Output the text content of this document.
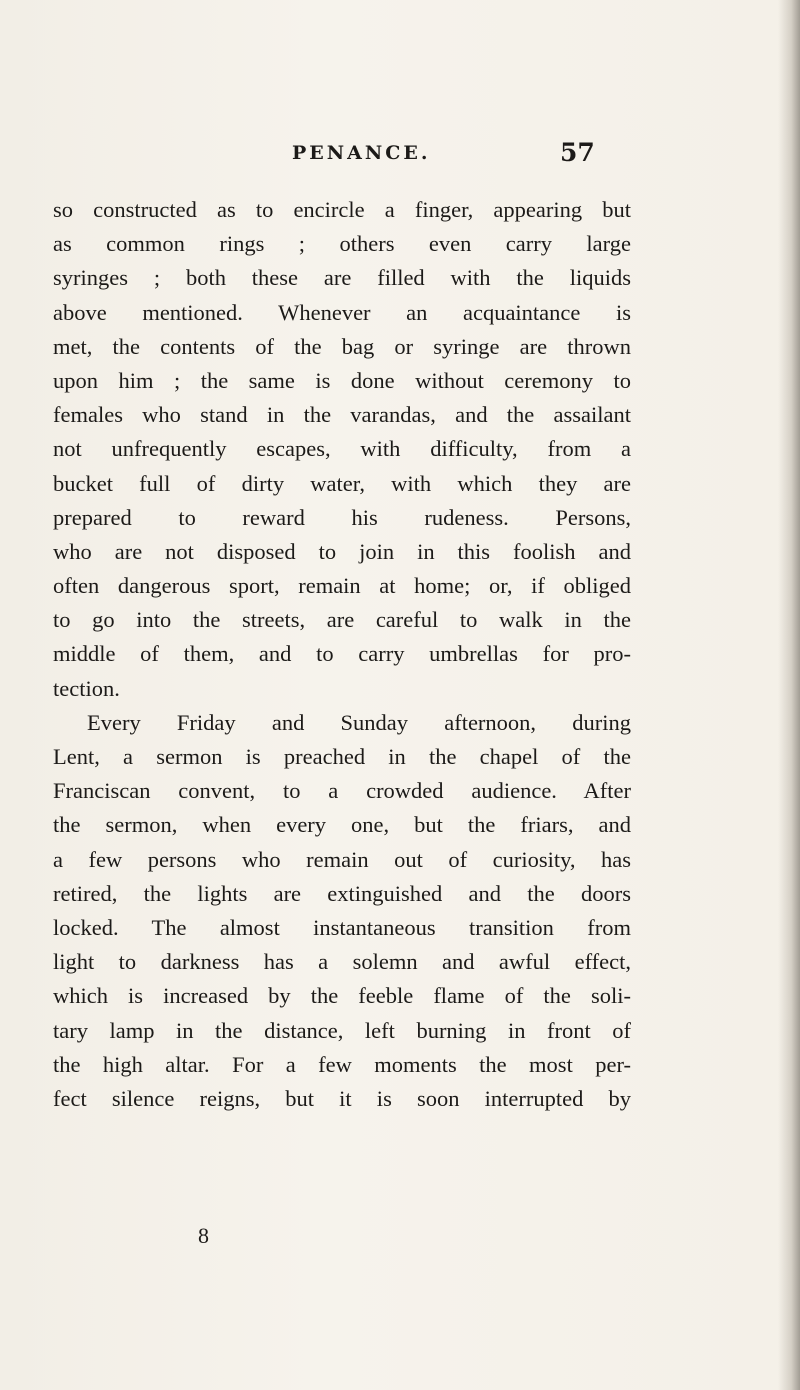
PENANCE.	57
so constructed as to encircle a finger, appearing but
as common rings ; others even carry large
syringes ; both these are filled with the liquids
above mentioned. Whenever an acquaintance is
met, the contents of the bag or syringe are thrown
upon him ; the same is done without ceremony to
females who stand in the varandas, and the assailant
not unfrequently escapes, with difficulty, from a
bucket full of dirty water, with which they are
prepared to reward his rudeness. Persons,
who are not disposed to join in this foolish and
often dangerous sport, remain at home; or, if obliged
to go into the streets, are careful to walk in the
middle of them, and to carry umbrellas for pro-
tection.
Every Friday and Sunday afternoon, during
Lent, a sermon is preached in the chapel of the
Franciscan convent, to a crowded audience. After
the sermon, when every one, but the friars, and
a few persons who remain out of curiosity, has
retired, the lights are extinguished and the doors
locked. The almost instantaneous transition from
light to darkness has a solemn and awful effect,
which is increased by the feeble flame of the soli-
tary lamp in the distance, left burning in front of
the high altar. For a few moments the most per-
fect silence reigns, but it is soon interrupted by
8
